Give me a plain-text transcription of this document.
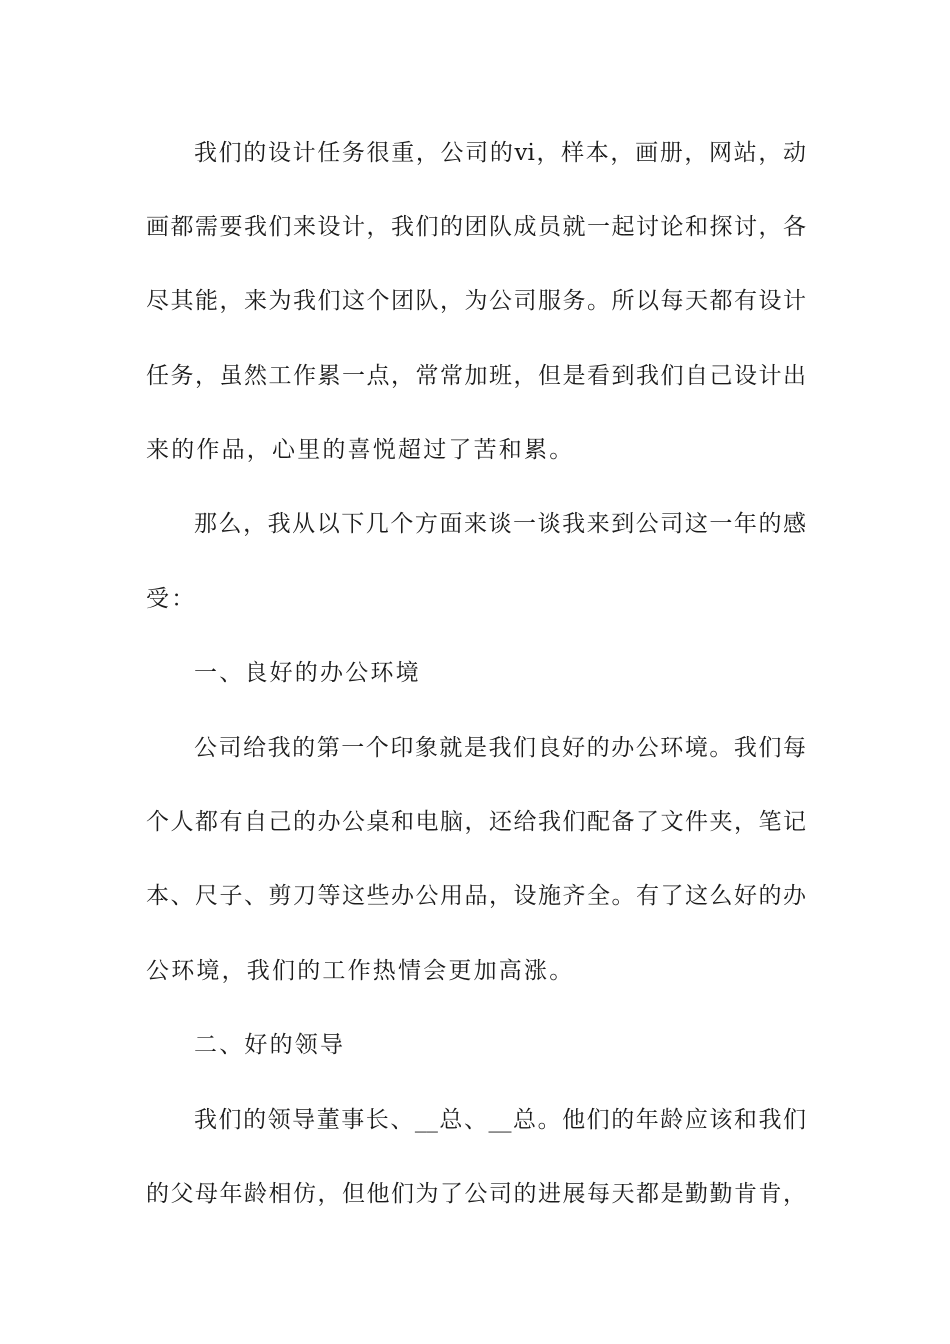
我们的设计任务很重，公司的vi，样本，画册，网站，动
画都需要我们来设计，我们的团队成员就一起讨论和探讨，各
尽其能，来为我们这个团队，为公司服务。所以每天都有设计
任务，虽然工作累一点，常常加班，但是看到我们自己设计出
来的作品，心里的喜悦超过了苦和累。
那么，我从以下几个方面来谈一谈我来到公司这一年的感
受：
一、良好的办公环境
公司给我的第一个印象就是我们良好的办公环境。我们每
个人都有自己的办公桌和电脑，还给我们配备了文件夹，笔记
本、尺子、剪刀等这些办公用品，设施齐全。有了这么好的办
公环境，我们的工作热情会更加高涨。
二、好的领导
我们的领导董事长、__总、__总。他们的年龄应该和我们
的父母年龄相仿，但他们为了公司的进展每天都是勤勤肯肯，
